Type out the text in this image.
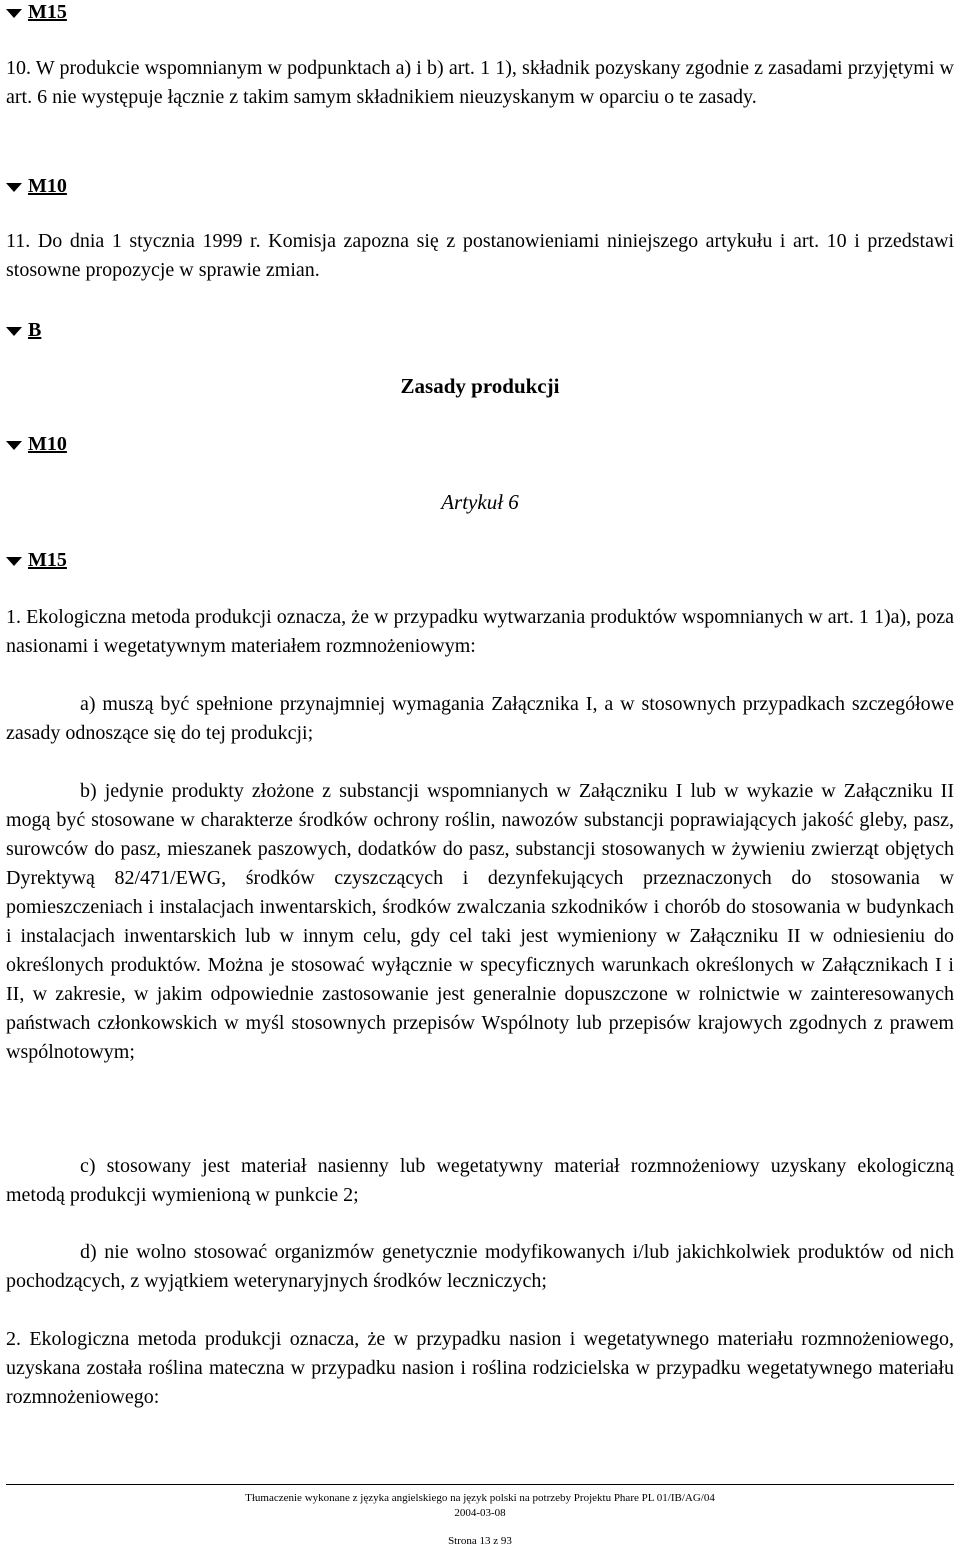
M15

10. W produkcie wspomnianym w podpunktach a) i b) art. 1 1), składnik pozyskany zgodnie z zasadami przyjętymi w art. 6 nie występuje łącznie z takim samym składnikiem nieuzyskanym w oparciu o te zasady.

M10

11. Do dnia 1 stycznia 1999 r. Komisja zapozna się z postanowieniami niniejszego artykułu i art. 10 i przedstawi stosowne propozycje w sprawie zmian.

B
Zasady produkcji
M10
Artykuł 6
M15

1. Ekologiczna metoda produkcji oznacza, że w przypadku wytwarzania produktów wspomnianych w art. 1 1)a), poza nasionami i wegetatywnym materiałem rozmnożeniowym:

a) muszą być spełnione przynajmniej wymagania Załącznika I, a w stosownych przypadkach szczegółowe zasady odnoszące się do tej produkcji;

b) jedynie produkty złożone z substancji wspomnianych w Załączniku I lub w wykazie w Załączniku II mogą być stosowane w charakterze środków ochrony roślin, nawozów substancji poprawiających jakość gleby, pasz, surowców do pasz, mieszanek paszowych, dodatków do pasz, substancji stosowanych w żywieniu zwierząt objętych Dyrektywą 82/471/EWG, środków czyszczących i dezynfekujących przeznaczonych do stosowania w pomieszczeniach i instalacjach inwentarskich, środków zwalczania szkodników i chorób do stosowania w budynkach i instalacjach inwentarskich lub w innym celu, gdy cel taki jest wymieniony w Załączniku II w odniesieniu do określonych produktów. Można je stosować wyłącznie w specyficznych warunkach określonych w Załącznikach I i II, w zakresie, w jakim odpowiednie zastosowanie jest generalnie dopuszczone w rolnictwie w zainteresowanych państwach członkowskich w myśl stosownych przepisów Wspólnoty lub przepisów krajowych zgodnych z prawem wspólnotowym;

c) stosowany jest materiał nasienny lub wegetatywny materiał rozmnożeniowy uzyskany ekologiczną metodą produkcji wymienioną w punkcie 2;

d) nie wolno stosować organizmów genetycznie modyfikowanych i/lub jakichkolwiek produktów od nich pochodzących, z wyjątkiem weterynaryjnych środków leczniczych;

2. Ekologiczna metoda produkcji oznacza, że w przypadku nasion i wegetatywnego materiału rozmnożeniowego, uzyskana została roślina mateczna w przypadku nasion i roślina rodzicielska w przypadku wegetatywnego materiału rozmnożeniowego:

Tłumaczenie wykonane z języka angielskiego na język polski na potrzeby Projektu Phare PL 01/IB/AG/04
2004-03-08
Strona 13 z 93
